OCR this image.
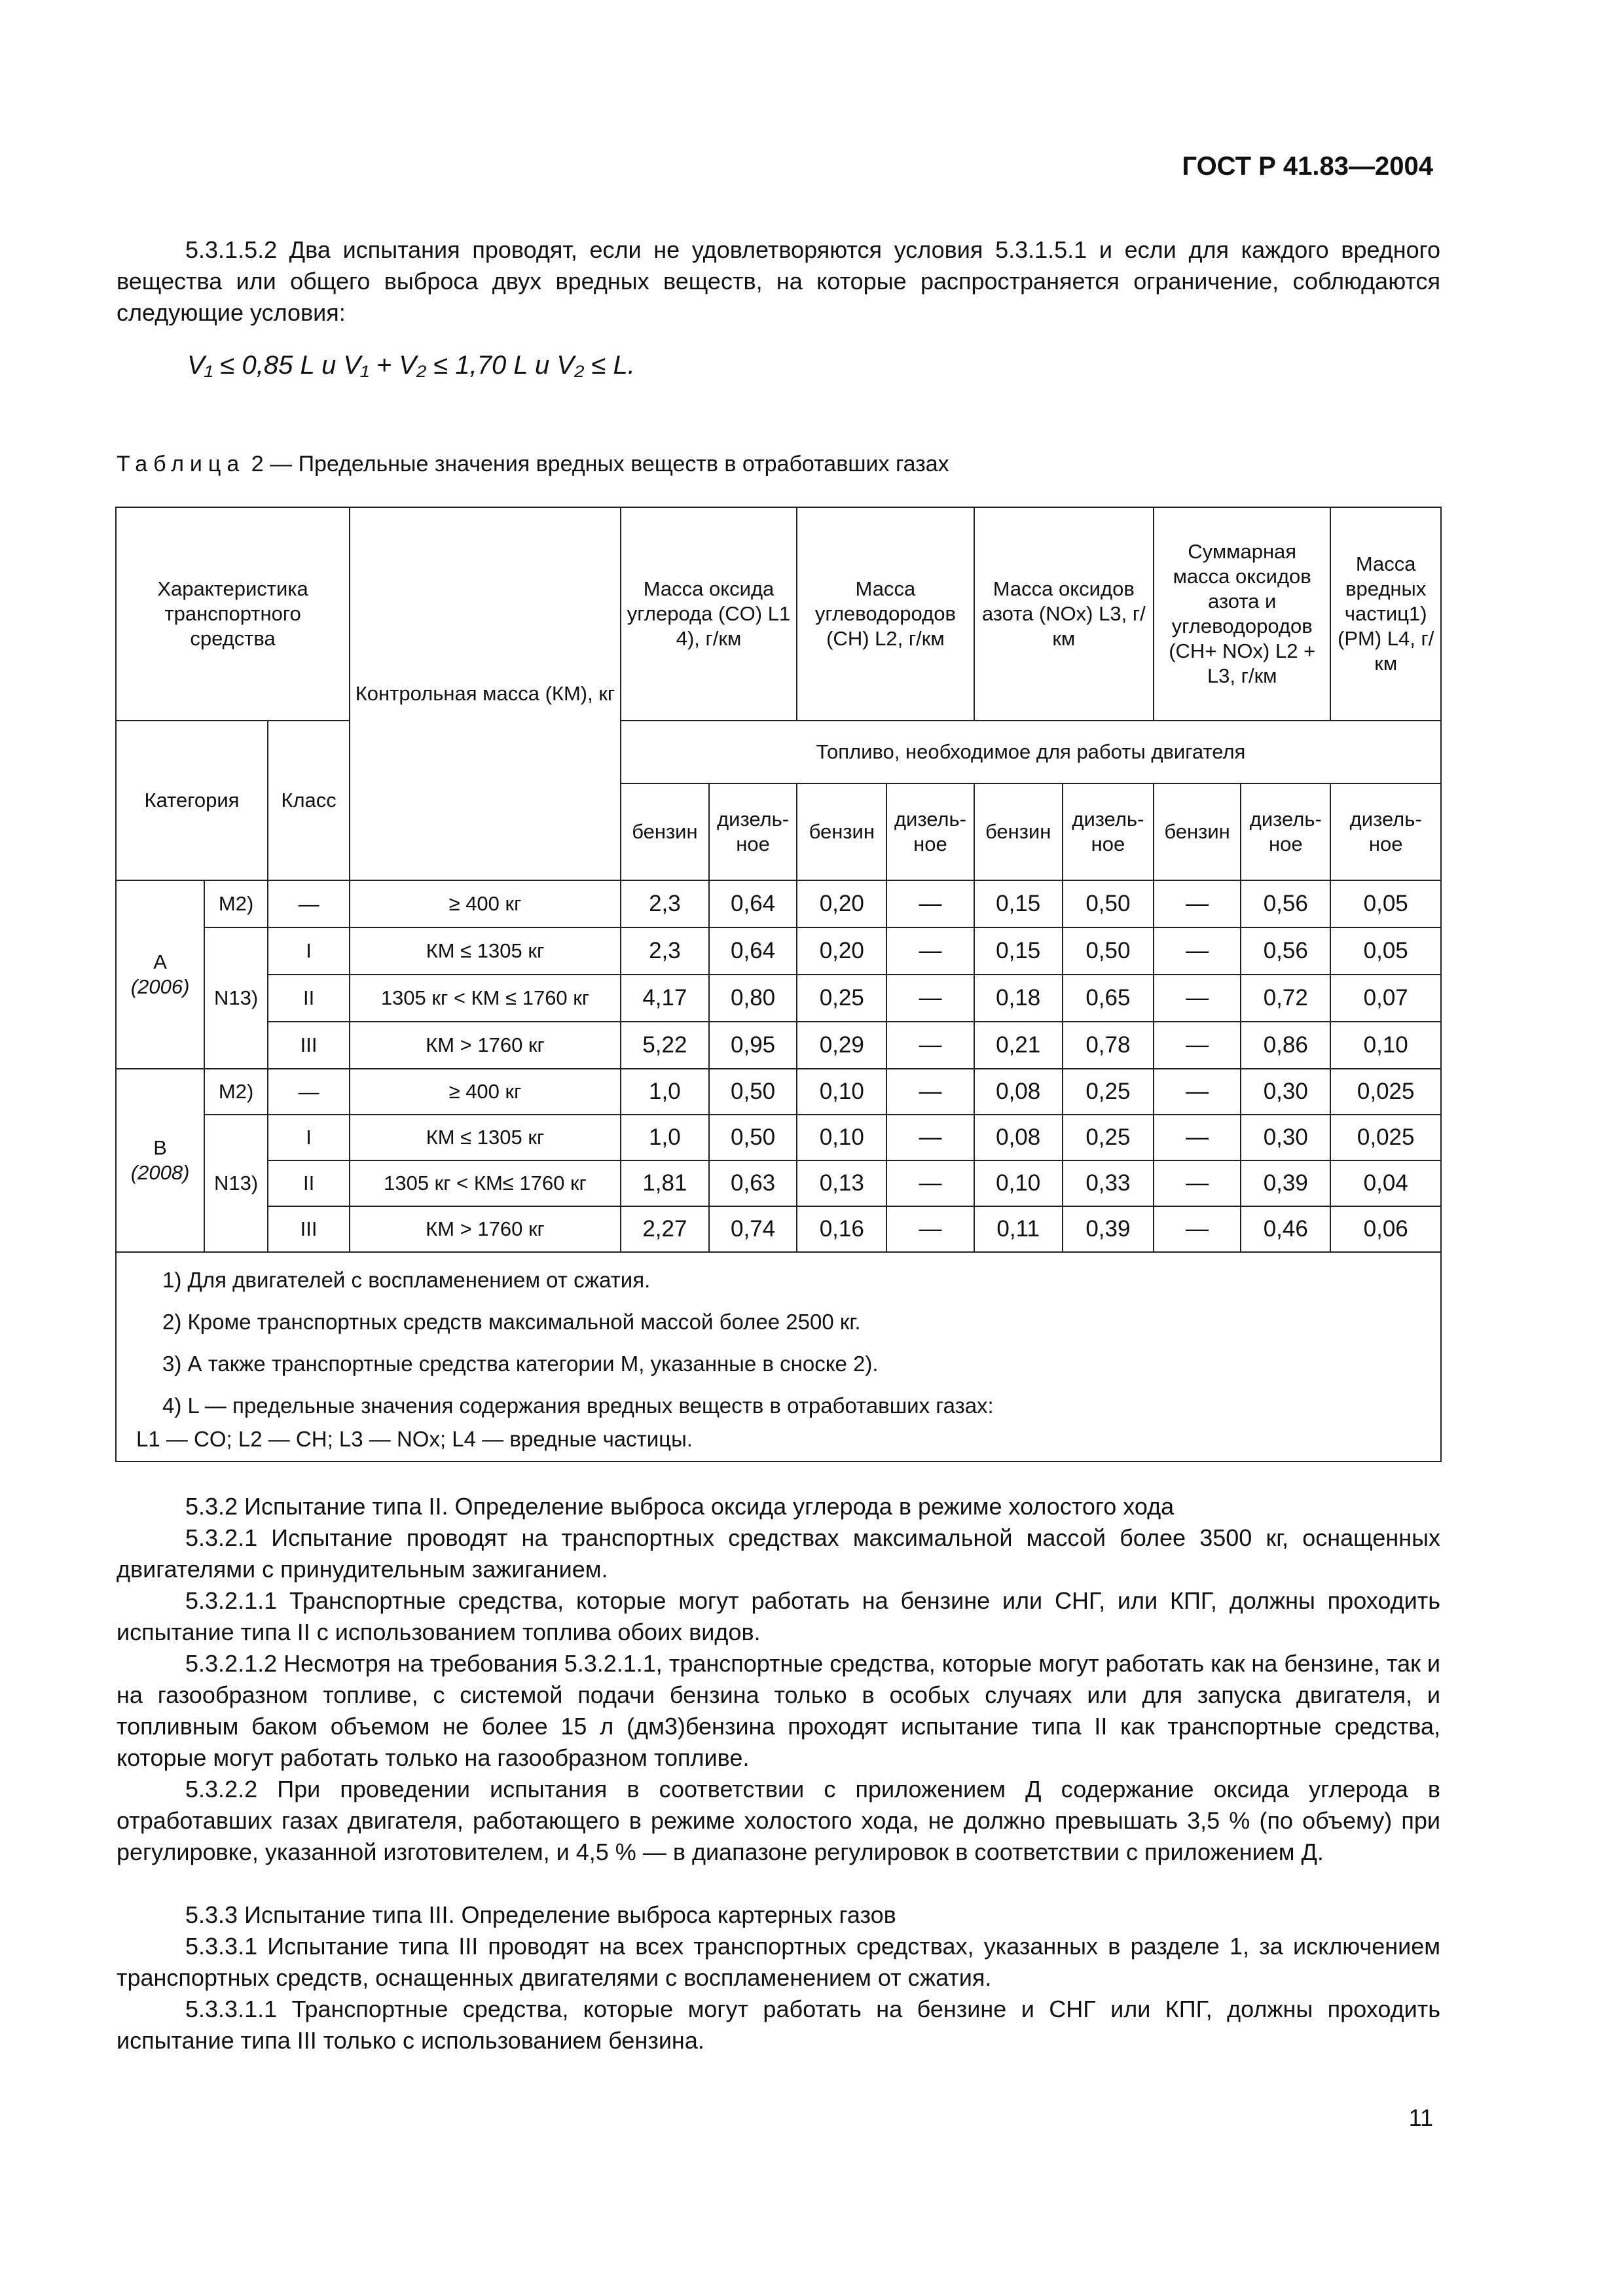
ГОСТ Р 41.83—2004
5.3.1.5.2 Два испытания проводят, если не удовлетворяются условия 5.3.1.5.1 и если для каждого вредного вещества или общего выброса двух вредных веществ, на которые распространяется ограничение, соблюдаются следующие условия:
V₁ ≤ 0,85 L и V₁ + V₂ ≤ 1,70 L и V₂ ≤ L.
Таблица 2 — Предельные значения вредных веществ в отработавших газах
Характеристика транспортного средства			Контрольная масса (КМ), кг	Масса оксида углерода (CO) L1 4), г/км		Масса углеводородов (CH) L2, г/км		Масса оксидов азота (NOx) L3, г/км		Суммарная масса оксидов азота и углеводородов (CH+ NOx) L2 + L3, г/км		Масса вредных частиц1) (PM) L4, г/км
Категория		Класс		Топливо, необходимое для работы двигателя								
				бензин	дизель-ное	бензин	дизель-ное	бензин	дизель-ное	бензин	дизель-ное	дизель-ное

A
(2006)	M2)	—	≥ 400 кг	2,3	0,64	0,20	—	0,15	0,50	—	0,56	0,05
	N13)	I	КМ ≤ 1305 кг	2,3	0,64	0,20	—	0,15	0,50	—	0,56	0,05
		II	1305 кг < КМ ≤ 1760 кг	4,17	0,80	0,25	—	0,18	0,65	—	0,72	0,07
		III	КМ > 1760 кг	5,22	0,95	0,29	—	0,21	0,78	—	0,86	0,10

B
(2008)	M2)	—	≥ 400 кг	1,0	0,50	0,10	—	0,08	0,25	—	0,30	0,025
	N13)	I	КМ ≤ 1305 кг	1,0	0,50	0,10	—	0,08	0,25	—	0,30	0,025
		II	1305 кг < КМ≤ 1760 кг	1,81	0,63	0,13	—	0,10	0,33	—	0,39	0,04
		III	КМ > 1760 кг	2,27	0,74	0,16	—	0,11	0,39	—	0,46	0,06

1) Для двигателей с воспламенением от сжатия.
2) Кроме транспортных средств максимальной массой более 2500 кг.
3) А также транспортные средства категории M, указанные в сноске 2).
4) L — предельные значения содержания вредных веществ в отработавших газах:
L1 — CO; L2 — CH; L3 — NOx; L4 — вредные частицы.												
5.3.2 Испытание типа II. Определение выброса оксида углерода в режиме холостого хода
5.3.2.1 Испытание проводят на транспортных средствах максимальной массой более 3500 кг, оснащенных двигателями с принудительным зажиганием.
5.3.2.1.1 Транспортные средства, которые могут работать на бензине или СНГ, или КПГ, должны проходить испытание типа II с использованием топлива обоих видов.
5.3.2.1.2 Несмотря на требования 5.3.2.1.1, транспортные средства, которые могут работать как на бензине, так и на газообразном топливе, с системой подачи бензина только в особых случаях или для запуска двигателя, и топливным баком объемом не более 15 л (дм3)бензина проходят испытание типа II как транспортные средства, которые могут работать только на газообразном топливе.
5.3.2.2 При проведении испытания в соответствии с приложением Д содержание оксида углерода в отработавших газах двигателя, работающего в режиме холостого хода, не должно превышать 3,5 % (по объему) при регулировке, указанной изготовителем, и 4,5 % — в диапазоне регулировок в соответствии с приложением Д.
5.3.3 Испытание типа III. Определение выброса картерных газов
5.3.3.1 Испытание типа III проводят на всех транспортных средствах, указанных в разделе 1, за исключением транспортных средств, оснащенных двигателями с воспламенением от сжатия.
5.3.3.1.1 Транспортные средства, которые могут работать на бензине и СНГ или КПГ, должны проходить испытание типа III только с использованием бензина.
11
